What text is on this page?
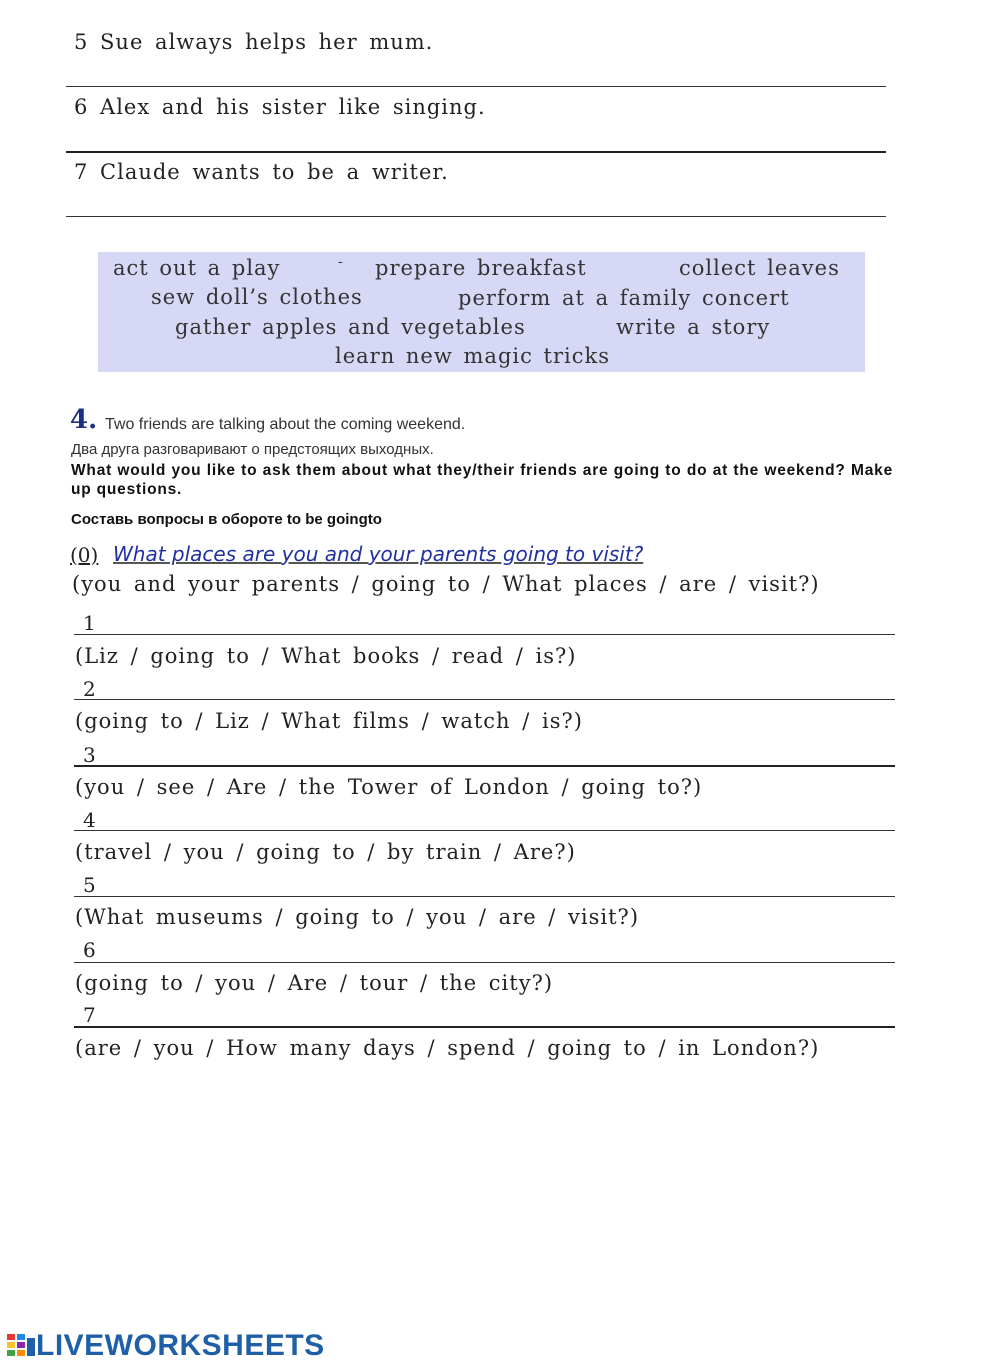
5 Sue always helps her mum.
6 Alex and his sister like singing.
7 Claude wants to be a writer.
act out a play	- prepare breakfast	collect leaves
sew doll’s clothes	perform at a family concert
gather apples and vegetables	write a story
learn new magic tricks
4. Two friends are talking about the coming weekend.
Два друга разговаривают о предстоящих выходных.
What would you like to ask them about what they/their friends are going to do at the weekend? Make up questions.
Составь вопросы в обороте to be goingto
(0) What places are you and your parents going to visit?
(you and your parents / going to / What places / are / visit?)
1
(Liz / going to / What books / read / is?)
2
(going to / Liz / What films / watch / is?)
3
(you / see / Are / the Tower of London / going to?)
4
(travel / you / going to / by train / Are?)
5
(What museums / going to / you / are / visit?)
6
(going to / you / Are / tour / the city?)
7
(are / you / How many days / spend / going to / in London?)
LIVEWORKSHEETS
